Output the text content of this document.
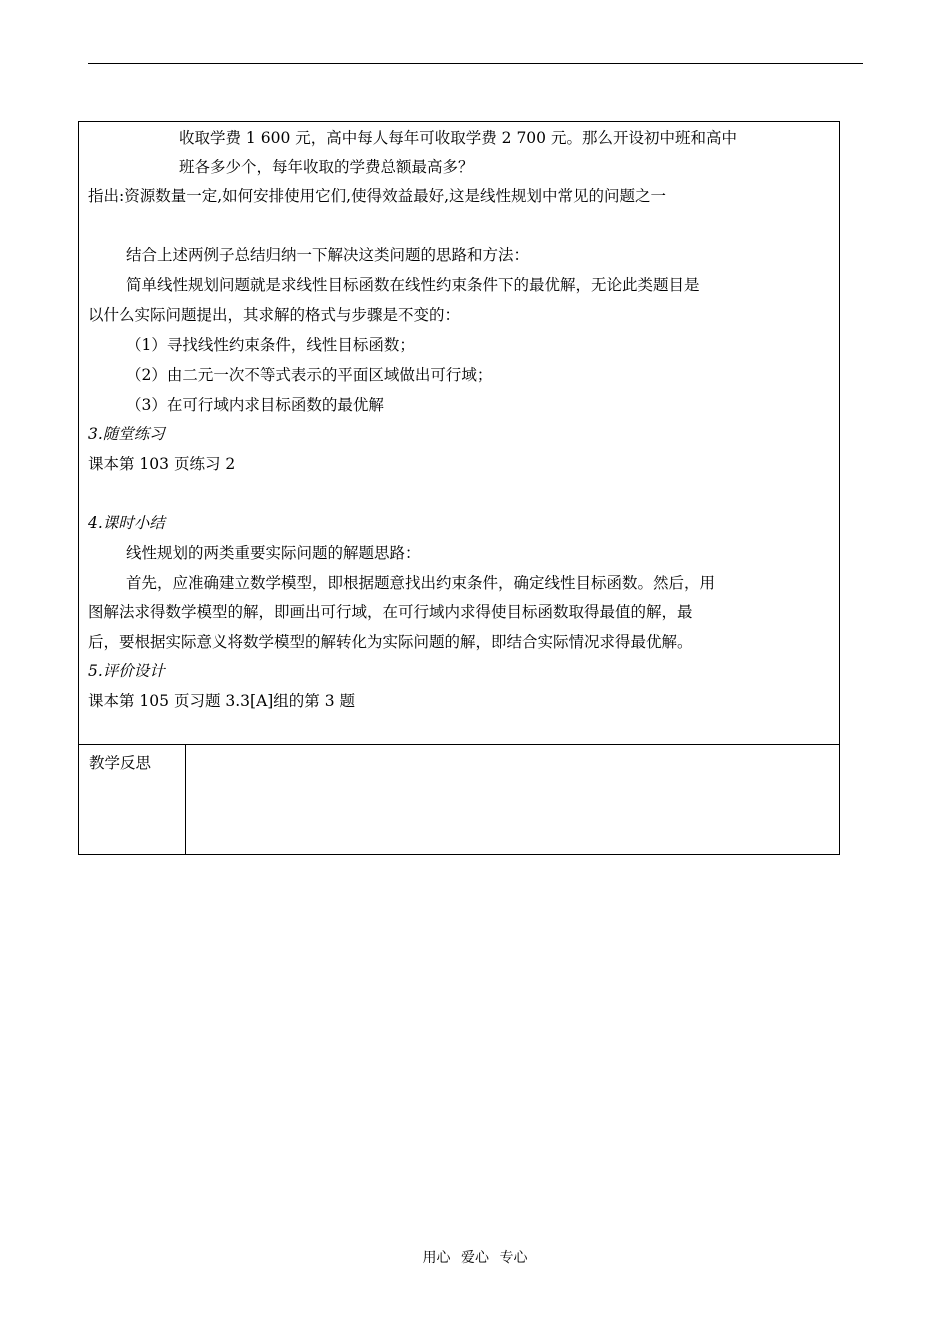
收取学费 1 600 元，高中每人每年可收取学费 2 700 元。那么开设初中班和高中
班各多少个，每年收取的学费总额最高多？
指出:资源数量一定,如何安排使用它们,使得效益最好,这是线性规划中常见的问题之一
结合上述两例子总结归纳一下解决这类问题的思路和方法：
简单线性规划问题就是求线性目标函数在线性约束条件下的最优解，无论此类题目是
以什么实际问题提出，其求解的格式与步骤是不变的：
（1）寻找线性约束条件，线性目标函数；
（2）由二元一次不等式表示的平面区域做出可行域；
（3）在可行域内求目标函数的最优解
3.随堂练习
课本第 103 页练习 2
4.课时小结
线性规划的两类重要实际问题的解题思路：
首先，应准确建立数学模型，即根据题意找出约束条件，确定线性目标函数。然后，用
图解法求得数学模型的解，即画出可行域，在可行域内求得使目标函数取得最值的解，最
后，要根据实际意义将数学模型的解转化为实际问题的解，即结合实际情况求得最优解。
5.评价设计
课本第 105 页习题 3.3[A]组的第 3 题
教学反思
用心 爱心 专心
